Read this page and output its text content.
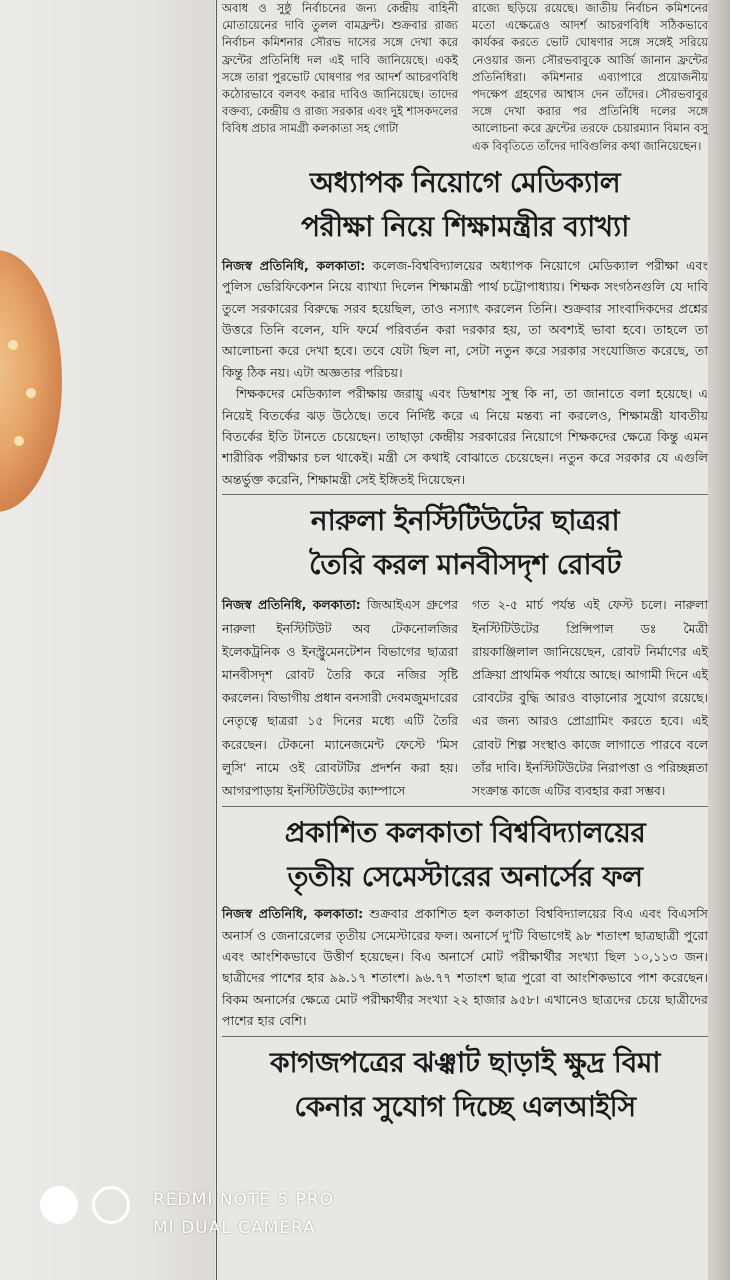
অবাধ ও সুষ্ঠু নির্বাচনের জন্য কেন্দ্রীয় বাহিনী মোতায়েনের দাবি তুলল বামফ্রন্ট। শুক্রবার রাজ্য নির্বাচন কমিশনার সৌরভ দাসের সঙ্গে দেখা করে ফ্রন্টের প্রতিনিধি দল এই দাবি জানিয়েছে। একই সঙ্গে তারা পুরভোট ঘোষণার পর আদর্শ আচরণবিধি কঠোরভাবে বলবৎ করার দাবিও জানিয়েছে। তাদের বক্তব্য, কেন্দ্রীয় ও রাজ্য সরকার এবং দুই শাসকদলের বিবিধ প্রচার সামগ্রী কলকাতা সহ গোটা

রাজ্যে ছড়িয়ে রয়েছে। জাতীয় নির্বাচন কমিশনের মতো এক্ষেত্রেও আদর্শ আচরণবিধি সঠিকভাবে কার্যকর করতে ভোট ঘোষণার সঙ্গে সঙ্গেই সরিয়ে নেওয়ার জন্য সৌরভবাবুকে আর্জি জানান ফ্রন্টের প্রতিনিধিরা। কমিশনার এব্যাপারে প্রয়োজনীয় পদক্ষেপ গ্রহণের আশ্বাস দেন তাঁদের। সৌরভবাবুর সঙ্গে দেখা করার পর প্রতিনিধি দলের সঙ্গে আলোচনা করে ফ্রন্টের তরফে চেয়ারম্যান বিমান বসু এক বিবৃতিতে তাঁদের দাবিগুলির কথা জানিয়েছেন।

অধ্যাপক নিয়োগে মেডিক্যাল
পরীক্ষা নিয়ে শিক্ষামন্ত্রীর ব্যাখ্যা

নিজস্ব প্রতিনিধি, কলকাতা: কলেজ-বিশ্ববিদ্যালয়ের অধ্যাপক নিয়োগে মেডিক্যাল পরীক্ষা এবং পুলিস ভেরিফিকেশন নিয়ে ব্যাখ্যা দিলেন শিক্ষামন্ত্রী পার্থ চট্টোপাধ্যায়। শিক্ষক সংগঠনগুলি যে দাবি তুলে সরকারের বিরুদ্ধে সরব হয়েছিল, তাও নস্যাৎ করলেন তিনি। শুক্রবার সাংবাদিকদের প্রশ্নের উত্তরে তিনি বলেন, যদি ফর্মে পরিবর্তন করা দরকার হয়, তা অবশ্যই ভাবা হবে। তাহলে তা আলোচনা করে দেখা হবে। তবে যেটা ছিল না, সেটা নতুন করে সরকার সংযোজিত করেছে, তা কিন্তু ঠিক নয়। এটা অজ্ঞতার পরিচয়।

শিক্ষকদের মেডিক্যাল পরীক্ষায় জরায়ু এবং ডিম্বাশয় সুস্থ কি না, তা জানাতে বলা হয়েছে। এ নিয়েই বিতর্কের ঝড় উঠেছে। তবে নির্দিষ্ট করে এ নিয়ে মন্তব্য না করলেও, শিক্ষামন্ত্রী যাবতীয় বিতর্কের ইতি টানতে চেয়েছেন। তাছাড়া কেন্দ্রীয় সরকারের নিয়োগে শিক্ষকদের ক্ষেত্রে কিন্তু এমন শারীরিক পরীক্ষার চল থাকেই। মন্ত্রী সে কথাই বোঝাতে চেয়েছেন। নতুন করে সরকার যে এগুলি অন্তর্ভুক্ত করেনি, শিক্ষামন্ত্রী সেই ইঙ্গিতই দিয়েছেন।

নারুলা ইনস্টিটিউটের ছাত্ররা
তৈরি করল মানবীসদৃশ রোবট

নিজস্ব প্রতিনিধি, কলকাতা: জিআইএস গ্রুপের নারুলা ইনস্টিটিউট অব টেকনোলজির ইলেকট্রনিক ও ইনস্ট্রুমেনটেশন বিভাগের ছাত্ররা মানবীসদৃশ রোবট তৈরি করে নজির সৃষ্টি করলেন। বিভাগীয় প্রধান বনসারী দেবমজুমদারের নেতৃত্বে ছাত্ররা ১৫ দিনের মধ্যে এটি তৈরি করেছেন। টেকনো ম্যানেজমেন্ট ফেস্টে 'মিস লুসি' নামে ওই রোবটটির প্রদর্শন করা হয়। আগরপাড়ায় ইনস্টিটিউটের ক্যাম্পাসে

গত ২-৫ মার্চ পর্যন্ত এই ফেস্ট চলে। নারুলা ইনস্টিটিউটের প্রিন্সিপাল ডঃ মৈত্রী রায়কাঞ্জিলাল জানিয়েছেন, রোবট নির্মাণের এই প্রক্রিয়া প্রাথমিক পর্যায়ে আছে। আগামী দিনে এই রোবটের বুদ্ধি আরও বাড়ানোর সুযোগ রয়েছে। এর জন্য আরও প্রোগ্রামিং করতে হবে। এই রোবট শিল্প সংস্থাও কাজে লাগাতে পারবে বলে তাঁর দাবি। ইনস্টিটিউটের নিরাপত্তা ও পরিচ্ছন্নতা সংক্রান্ত কাজে এটির ব্যবহার করা সম্ভব।

প্রকাশিত কলকাতা বিশ্ববিদ্যালয়ের
তৃতীয় সেমেস্টারের অনার্সের ফল

নিজস্ব প্রতিনিধি, কলকাতা: শুক্রবার প্রকাশিত হল কলকাতা বিশ্ববিদ্যালয়ের বিএ এবং বিএসসি অনার্স ও জেনারেলের তৃতীয় সেমেস্টারের ফল। অনার্সে দু'টি বিভাগেই ৯৮ শতাংশ ছাত্রছাত্রী পুরো এবং আংশিকভাবে উত্তীর্ণ হয়েছেন। বিএ অনার্সে মোট পরীক্ষার্থীর সংখ্যা ছিল ১০,১১৩ জন। ছাত্রীদের পাশের হার ৯৯.১৭ শতাংশ। ৯৬.৭৭ শতাংশ ছাত্র পুরো বা আংশিকভাবে পাশ করেছেন। বিকম অনার্সের ক্ষেত্রে মোট পরীক্ষার্থীর সংখ্যা ২২ হাজার ৯৫৮। এখানেও ছাত্রদের চেয়ে ছাত্রীদের পাশের হার বেশি।

কাগজপত্রের ঝঞ্ঝাট ছাড়াই ক্ষুদ্র বিমা
কেনার সুযোগ দিচ্ছে এলআইসি
REDMI NOTE 5 PRO
MI DUAL CAMERA
